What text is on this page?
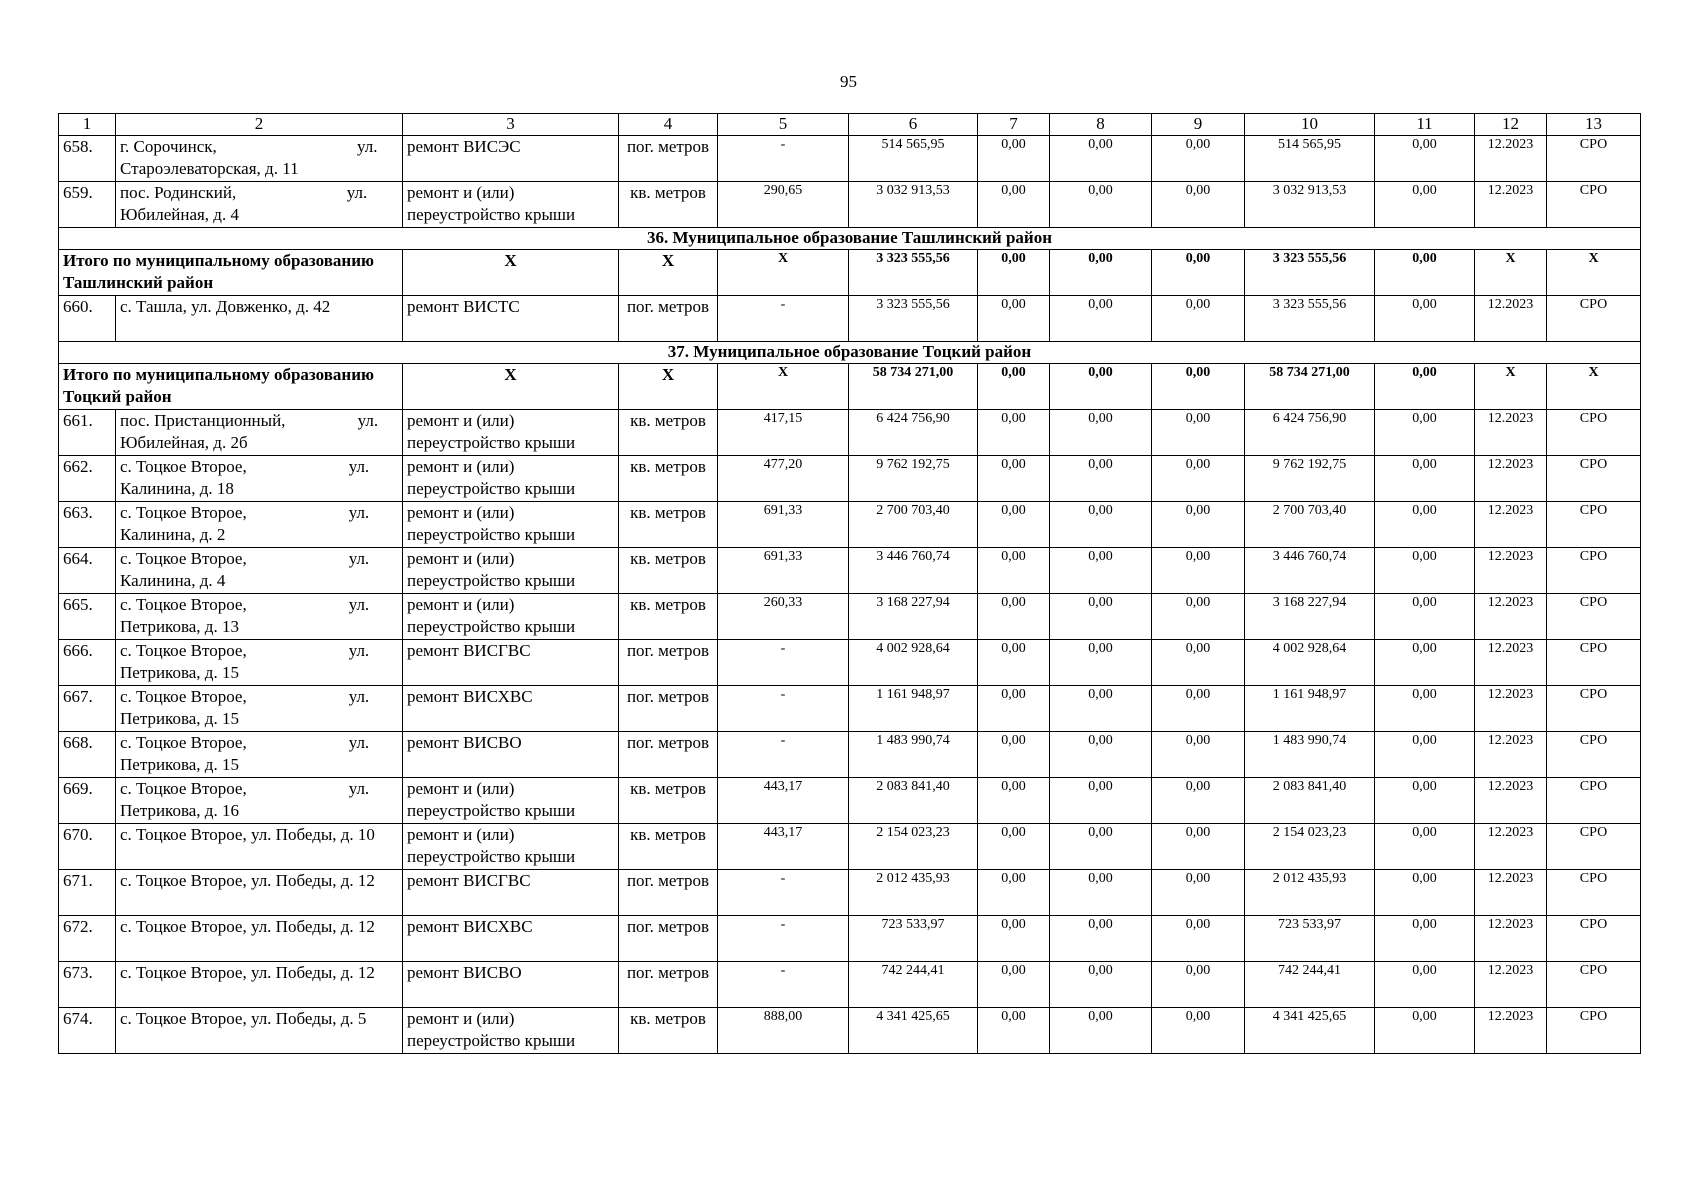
95
1	2	3	4	5	6	7	8	9	10	11	12	13
658.	г. Сорочинск,                                 ул. Староэлеваторская, д. 11	ремонт ВИСЭС	пог. метров	-	514 565,95	0,00	0,00	0,00	514 565,95	0,00	12.2023	СРО
659.	пос. Родинский,                          ул. Юбилейная, д. 4	ремонт и (или) переустройство крыши	кв. метров	290,65	3 032 913,53	0,00	0,00	0,00	3 032 913,53	0,00	12.2023	СРО
36. Муниципальное образование Ташлинский район												
Итого по муниципальному образованию Ташлинский район		Х	Х	Х	3 323 555,56	0,00	0,00	0,00	3 323 555,56	0,00	Х	Х
660.	с. Ташла, ул. Довженко, д. 42	ремонт ВИСТС	пог. метров	-	3 323 555,56	0,00	0,00	0,00	3 323 555,56	0,00	12.2023	СРО
37. Муниципальное образование Тоцкий район												
Итого по муниципальному образованию Тоцкий район		Х	Х	Х	58 734 271,00	0,00	0,00	0,00	58 734 271,00	0,00	Х	Х
661.	пос. Пристанционный,                 ул. Юбилейная, д. 2б	ремонт и (или) переустройство крыши	кв. метров	417,15	6 424 756,90	0,00	0,00	0,00	6 424 756,90	0,00	12.2023	СРО
662.	с. Тоцкое Второе,                        ул. Калинина, д. 18	ремонт и (или) переустройство крыши	кв. метров	477,20	9 762 192,75	0,00	0,00	0,00	9 762 192,75	0,00	12.2023	СРО
663.	с. Тоцкое Второе,                        ул. Калинина, д. 2	ремонт и (или) переустройство крыши	кв. метров	691,33	2 700 703,40	0,00	0,00	0,00	2 700 703,40	0,00	12.2023	СРО
664.	с. Тоцкое Второе,                        ул. Калинина, д. 4	ремонт и (или) переустройство крыши	кв. метров	691,33	3 446 760,74	0,00	0,00	0,00	3 446 760,74	0,00	12.2023	СРО
665.	с. Тоцкое Второе,                        ул. Петрикова, д. 13	ремонт и (или) переустройство крыши	кв. метров	260,33	3 168 227,94	0,00	0,00	0,00	3 168 227,94	0,00	12.2023	СРО
666.	с. Тоцкое Второе,                        ул. Петрикова, д. 15	ремонт ВИСГВС	пог. метров	-	4 002 928,64	0,00	0,00	0,00	4 002 928,64	0,00	12.2023	СРО
667.	с. Тоцкое Второе,                        ул. Петрикова, д. 15	ремонт ВИСХВС	пог. метров	-	1 161 948,97	0,00	0,00	0,00	1 161 948,97	0,00	12.2023	СРО
668.	с. Тоцкое Второе,                        ул. Петрикова, д. 15	ремонт ВИСВО	пог. метров	-	1 483 990,74	0,00	0,00	0,00	1 483 990,74	0,00	12.2023	СРО
669.	с. Тоцкое Второе,                        ул. Петрикова, д. 16	ремонт и (или) переустройство крыши	кв. метров	443,17	2 083 841,40	0,00	0,00	0,00	2 083 841,40	0,00	12.2023	СРО
670.	с. Тоцкое Второе, ул. Победы, д. 10	ремонт и (или) переустройство крыши	кв. метров	443,17	2 154 023,23	0,00	0,00	0,00	2 154 023,23	0,00	12.2023	СРО
671.	с. Тоцкое Второе, ул. Победы, д. 12	ремонт ВИСГВС	пог. метров	-	2 012 435,93	0,00	0,00	0,00	2 012 435,93	0,00	12.2023	СРО
672.	с. Тоцкое Второе, ул. Победы, д. 12	ремонт ВИСХВС	пог. метров	-	723 533,97	0,00	0,00	0,00	723 533,97	0,00	12.2023	СРО
673.	с. Тоцкое Второе, ул. Победы, д. 12	ремонт ВИСВО	пог. метров	-	742 244,41	0,00	0,00	0,00	742 244,41	0,00	12.2023	СРО
674.	с. Тоцкое Второе, ул. Победы, д. 5	ремонт и (или) переустройство крыши	кв. метров	888,00	4 341 425,65	0,00	0,00	0,00	4 341 425,65	0,00	12.2023	СРО
